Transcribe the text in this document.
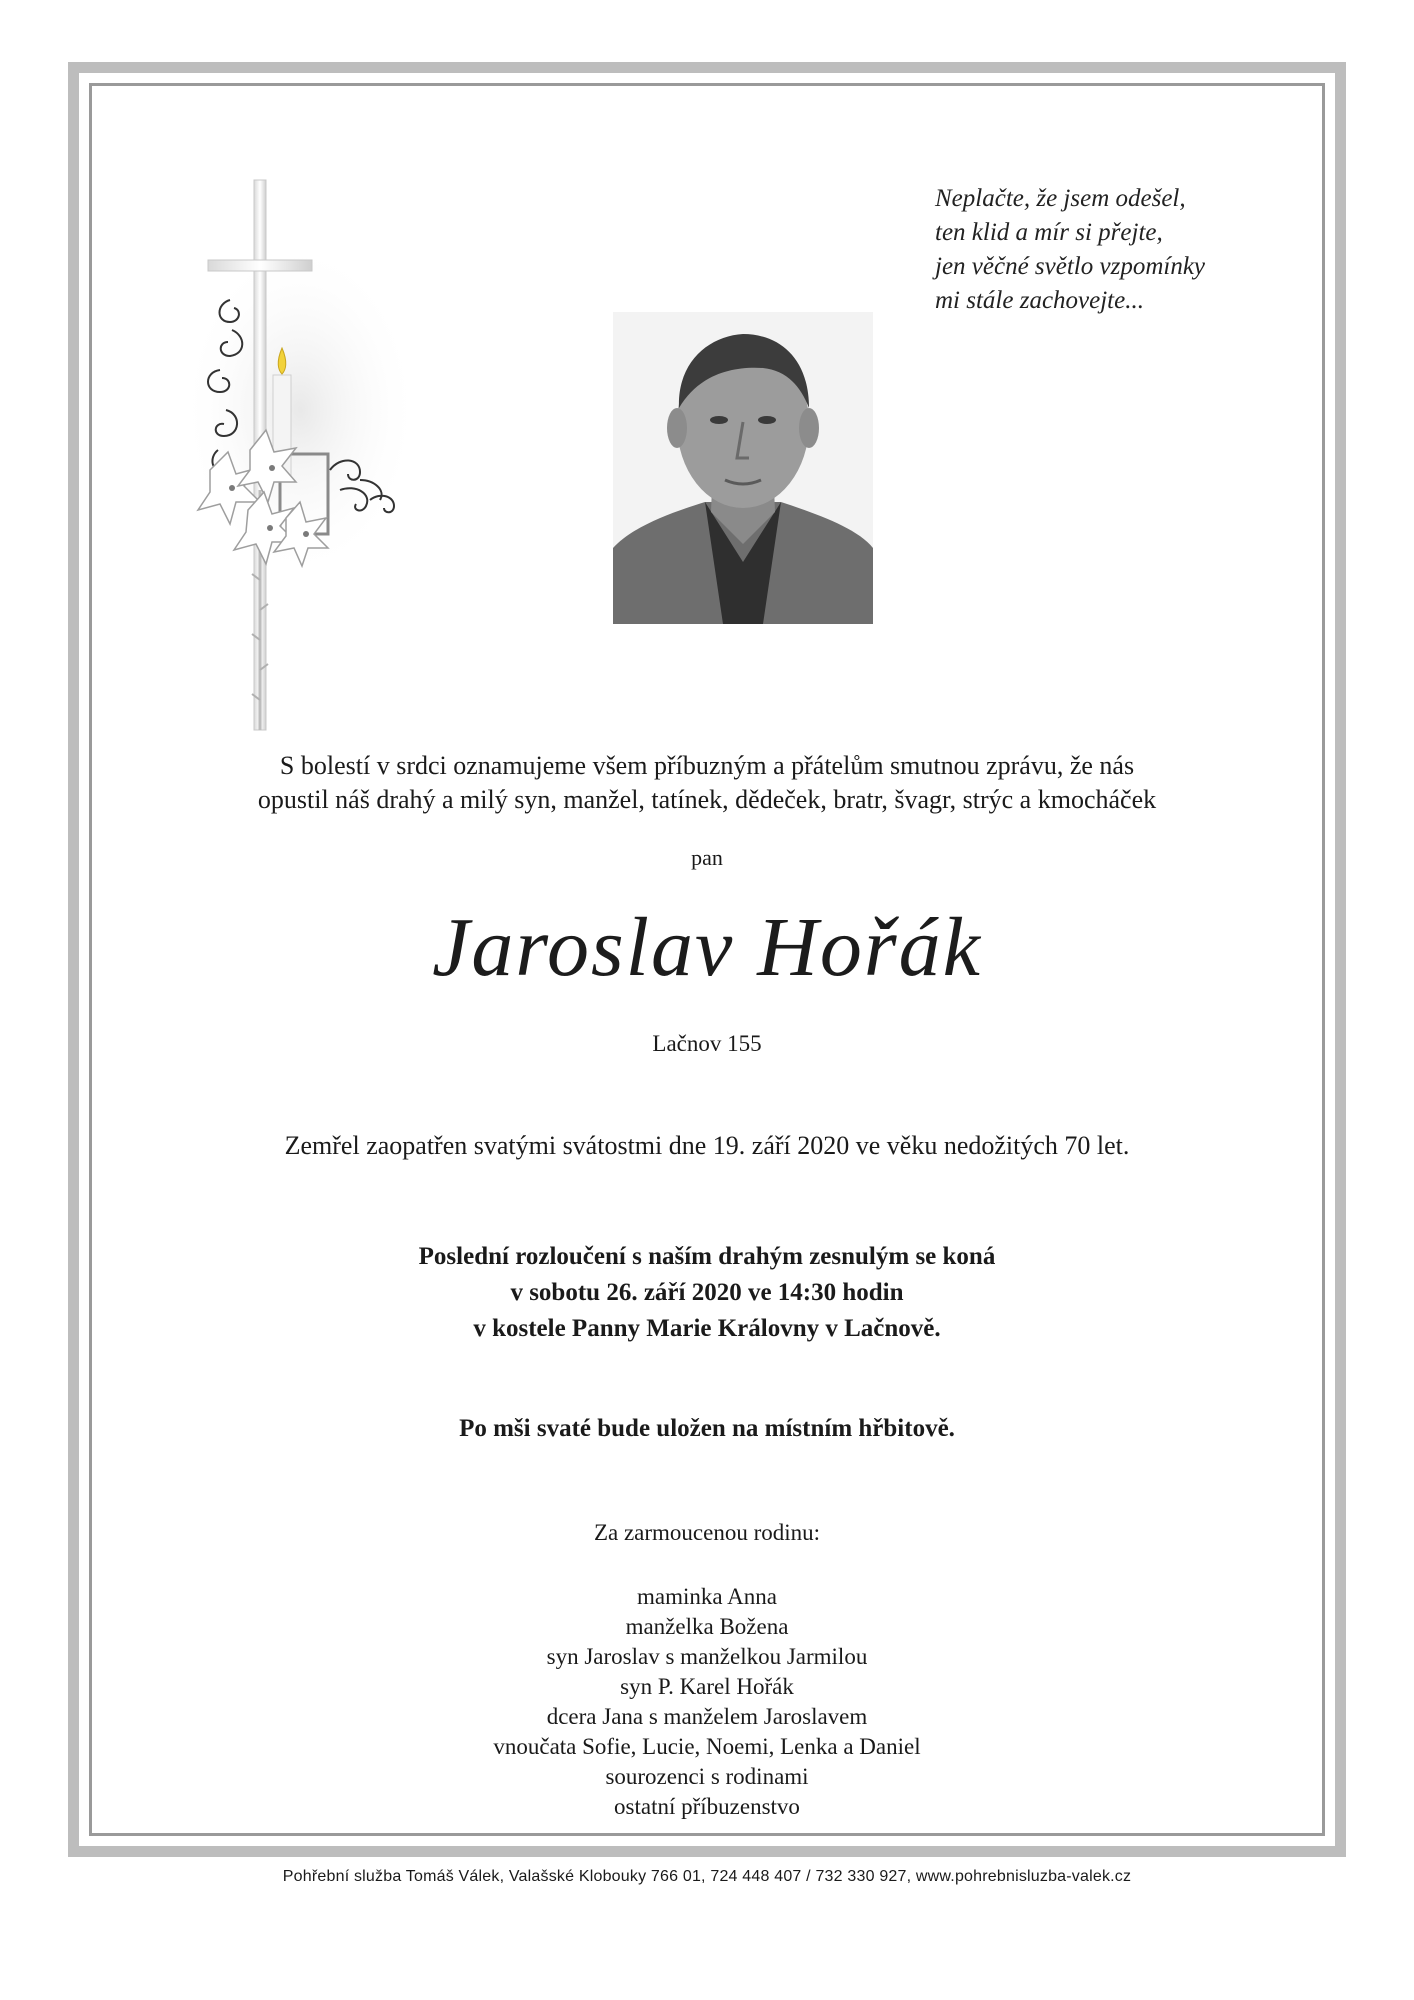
Neplačte, že jsem odešel,
ten klid a mír si přejte,
jen věčné světlo vzpomínky
mi stále zachovejte...
S bolestí v srdci oznamujeme všem příbuzným a přátelům smutnou zprávu, že nás
opustil náš drahý a milý syn, manžel, tatínek, dědeček, bratr, švagr, strýc a kmocháček
pan
Jaroslav Hořák
Lačnov 155
Zemřel zaopatřen svatými svátostmi dne 19. září 2020 ve věku nedožitých 70 let.
Poslední rozloučení s naším drahým zesnulým se koná
v sobotu 26. září 2020 ve 14:30 hodin
v kostele Panny Marie Královny v Lačnově.
Po mši svaté bude uložen na místním hřbitově.
Za zarmoucenou rodinu:
maminka Anna
manželka Božena
syn Jaroslav s manželkou Jarmilou
syn P. Karel Hořák
dcera Jana s manželem Jaroslavem
vnoučata Sofie, Lucie, Noemi, Lenka a Daniel
sourozenci s rodinami
ostatní příbuzenstvo
Pohřební služba Tomáš Válek, Valašské Klobouky 766 01, 724 448 407 / 732 330 927, www.pohrebnisluzba-valek.cz
